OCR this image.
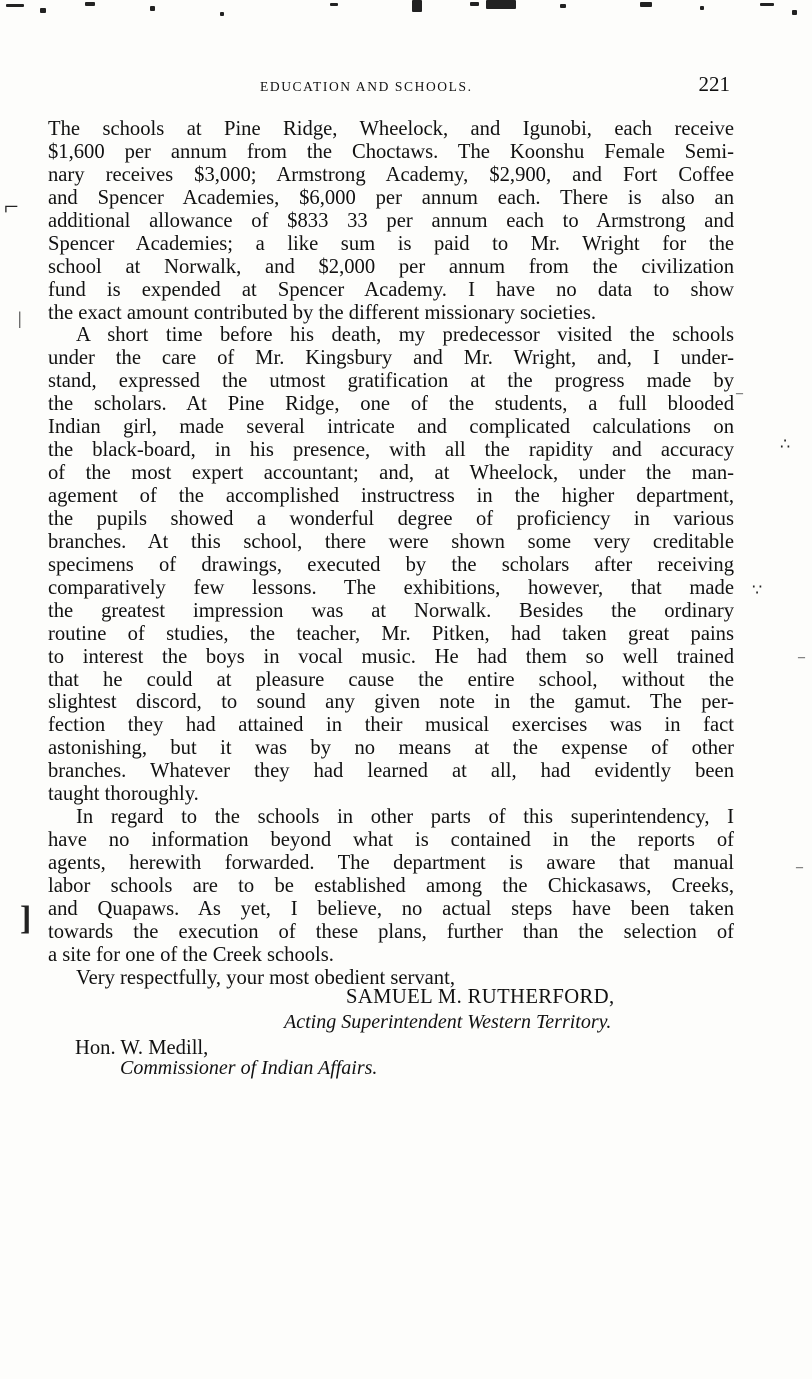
EDUCATION AND SCHOOLS.	221
The schools at Pine Ridge, Wheelock, and Igunobi, each receive
$1,600 per annum from the Choctaws. The Koonshu Female Semi-
nary receives $3,000; Armstrong Academy, $2,900, and Fort Coffee
and Spencer Academies, $6,000 per annum each. There is also an
additional allowance of $833 33 per annum each to Armstrong and
Spencer Academies; a like sum is paid to Mr. Wright for the
school at Norwalk, and $2,000 per annum from the civilization
fund is expended at Spencer Academy. I have no data to show
the exact amount contributed by the different missionary societies.
A short time before his death, my predecessor visited the schools
under the care of Mr. Kingsbury and Mr. Wright, and, I under-
stand, expressed the utmost gratification at the progress made by
the scholars. At Pine Ridge, one of the students, a full blooded
Indian girl, made several intricate and complicated calculations on
the black-board, in his presence, with all the rapidity and accuracy
of the most expert accountant; and, at Wheelock, under the man-
agement of the accomplished instructress in the higher department,
the pupils showed a wonderful degree of proficiency in various
branches. At this school, there were shown some very creditable
specimens of drawings, executed by the scholars after receiving
comparatively few lessons. The exhibitions, however, that made
the greatest impression was at Norwalk. Besides the ordinary
routine of studies, the teacher, Mr. Pitken, had taken great pains
to interest the boys in vocal music. He had them so well trained
that he could at pleasure cause the entire school, without the
slightest discord, to sound any given note in the gamut. The per-
fection they had attained in their musical exercises was in fact
astonishing, but it was by no means at the expense of other
branches. Whatever they had learned at all, had evidently been
taught thoroughly.
In regard to the schools in other parts of this superintendency, I
have no information beyond what is contained in the reports of
agents, herewith forwarded. The department is aware that manual
labor schools are to be established among the Chickasaws, Creeks,
and Quapaws. As yet, I believe, no actual steps have been taken
towards the execution of these plans, further than the selection of
a site for one of the Creek schools.
Very respectfully, your most obedient servant,
SAMUEL M. RUTHERFORD,
Acting Superintendent Western Territory.
Hon. W. Medill,
Commissioner of Indian Affairs.
⌐
|
]
∴
∵
‒
‒
‒
